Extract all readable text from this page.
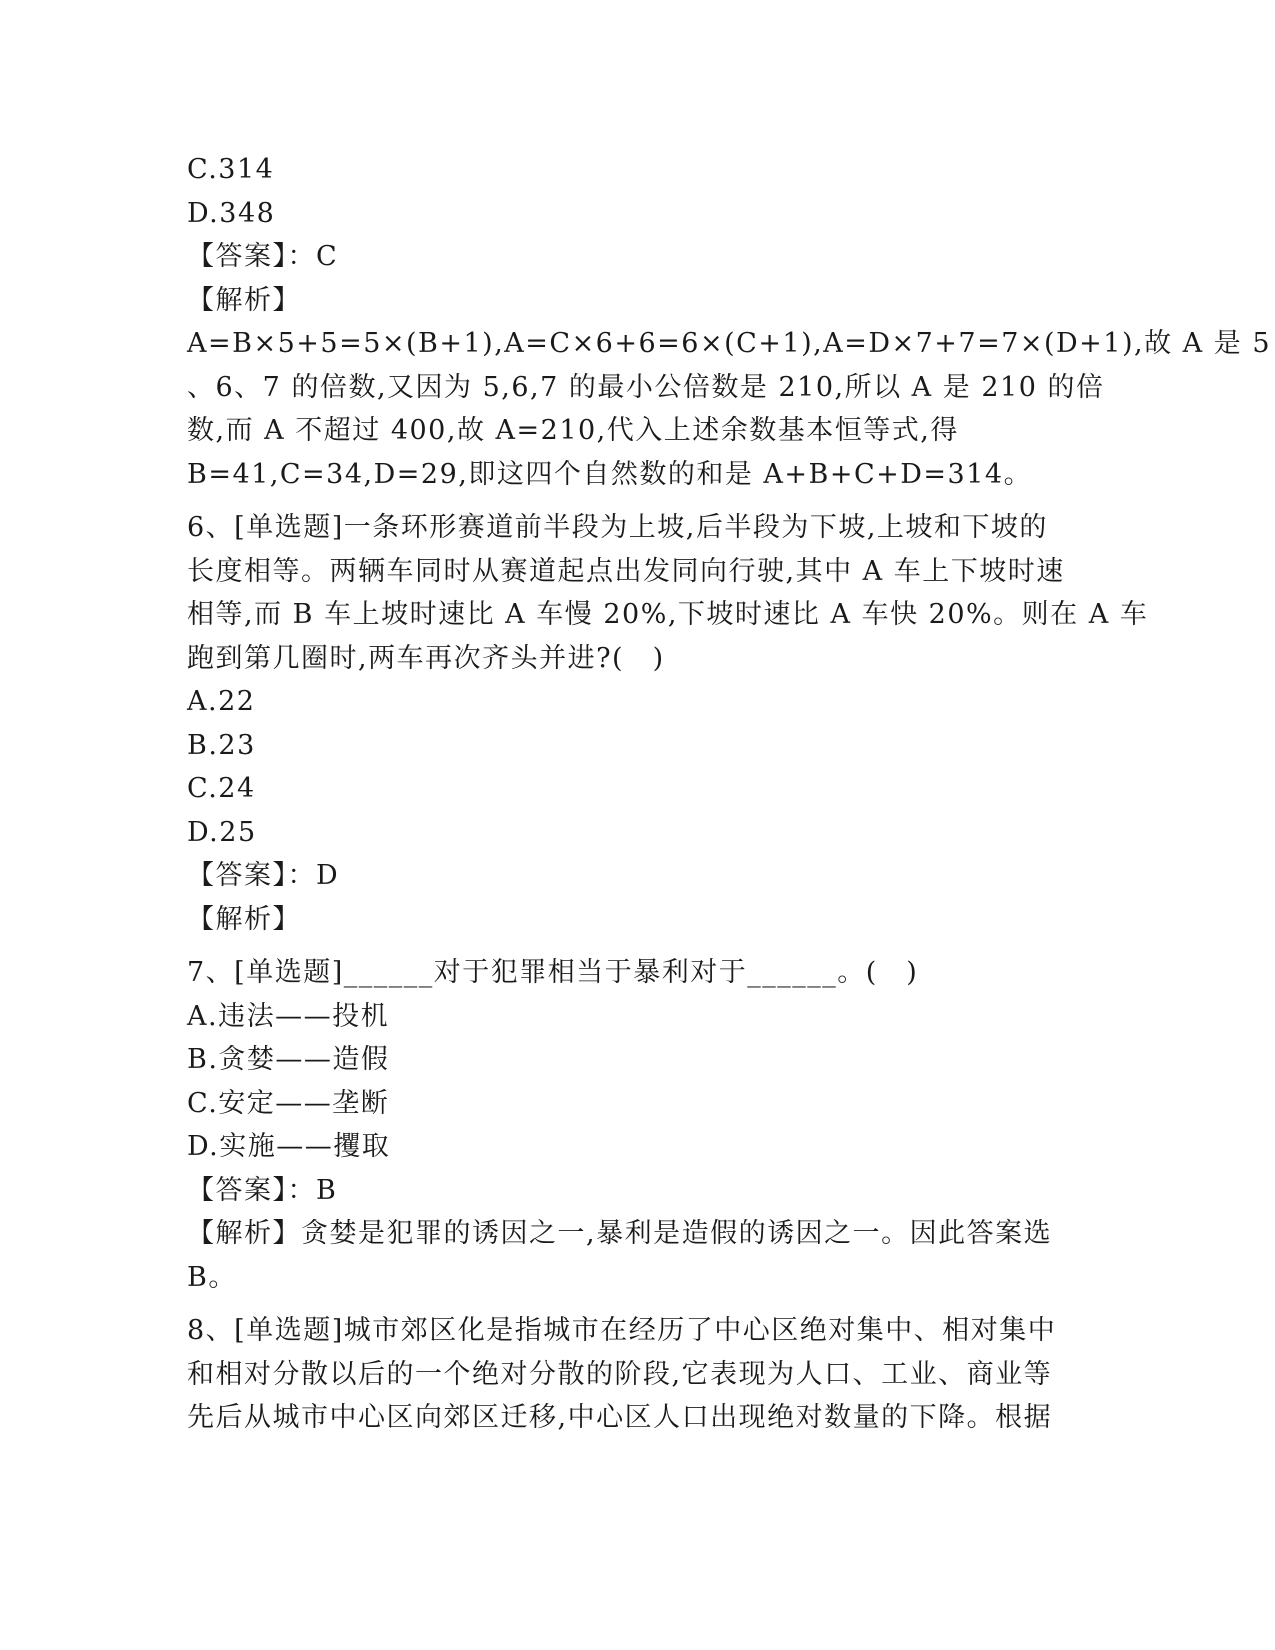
C.314
D.348
【答案】：C
【解析】
A=B×5+5=5×(B+1),A=C×6+6=6×(C+1),A=D×7+7=7×(D+1),故 A 是 5
、6、7 的倍数,又因为 5,6,7 的最小公倍数是 210,所以 A 是 210 的倍
数,而 A 不超过 400,故 A=210,代入上述余数基本恒等式,得
B=41,C=34,D=29,即这四个自然数的和是 A+B+C+D=314。
6、[单选题]一条环形赛道前半段为上坡,后半段为下坡,上坡和下坡的
长度相等。两辆车同时从赛道起点出发同向行驶,其中 A 车上下坡时速
相等,而 B 车上坡时速比 A 车慢 20%,下坡时速比 A 车快 20%。则在 A 车
跑到第几圈时,两车再次齐头并进?(　)
A.22
B.23
C.24
D.25
【答案】：D
【解析】
7、[单选题]______对于犯罪相当于暴利对于______。(　)
A.违法——投机
B.贪婪——造假
C.安定——垄断
D.实施——攫取
【答案】：B
【解析】贪婪是犯罪的诱因之一,暴利是造假的诱因之一。因此答案选
B。
8、[单选题]城市郊区化是指城市在经历了中心区绝对集中、相对集中
和相对分散以后的一个绝对分散的阶段,它表现为人口、工业、商业等
先后从城市中心区向郊区迁移,中心区人口出现绝对数量的下降。根据
